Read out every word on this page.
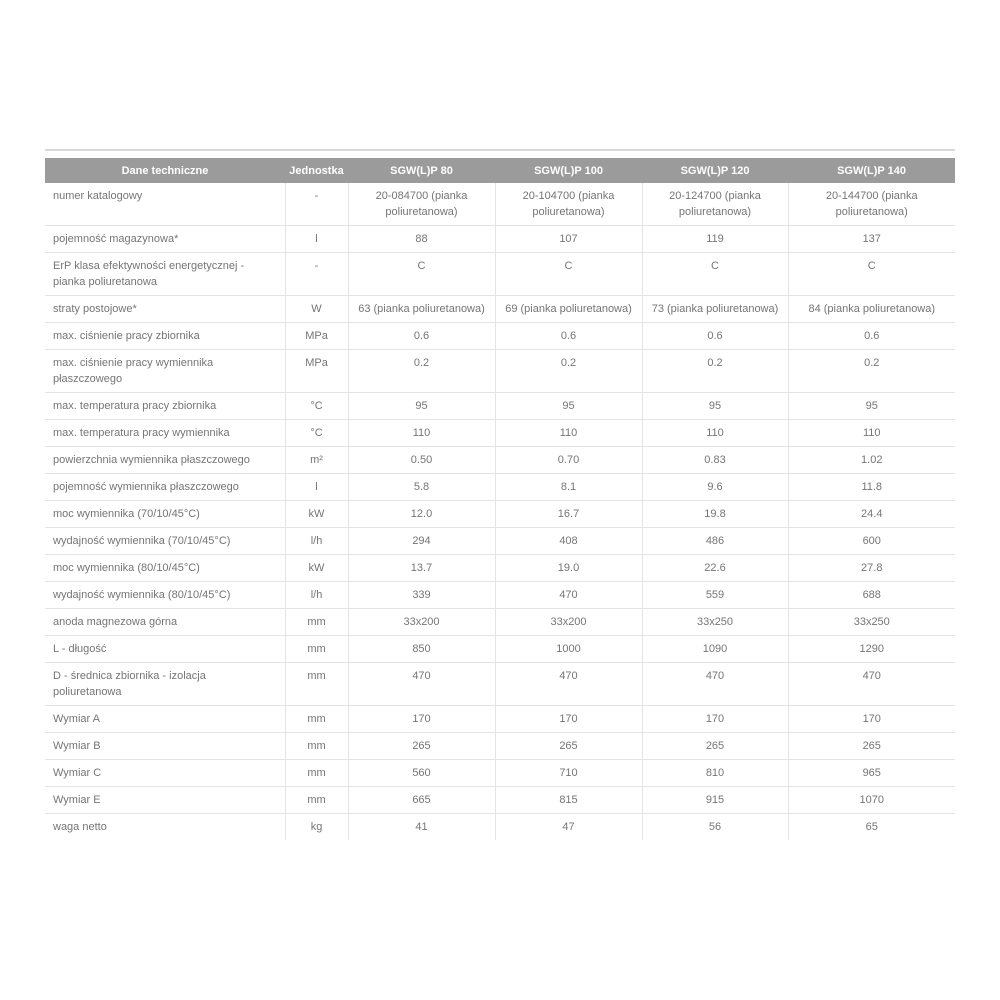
Dane techniczne	Jednostka	SGW(L)P 80	SGW(L)P 100	SGW(L)P 120	SGW(L)P 140
numer katalogowy	-	20-084700 (pianka poliuretanowa)	20-104700 (pianka poliuretanowa)	20-124700 (pianka poliuretanowa)	20-144700 (pianka poliuretanowa)
pojemność magazynowa*	l	88	107	119	137
ErP klasa efektywności energetycznej - pianka poliuretanowa	-	C	C	C	C
straty postojowe*	W	63 (pianka poliuretanowa)	69 (pianka poliuretanowa)	73 (pianka poliuretanowa)	84 (pianka poliuretanowa)
max. ciśnienie pracy zbiornika	MPa	0.6	0.6	0.6	0.6
max. ciśnienie pracy wymiennika płaszczowego	MPa	0.2	0.2	0.2	0.2
max. temperatura pracy zbiornika	°C	95	95	95	95
max. temperatura pracy wymiennika	°C	110	110	110	110
powierzchnia wymiennika płaszczowego	m²	0.50	0.70	0.83	1.02
pojemność wymiennika płaszczowego	l	5.8	8.1	9.6	11.8
moc wymiennika (70/10/45°C)	kW	12.0	16.7	19.8	24.4
wydajność wymiennika (70/10/45°C)	l/h	294	408	486	600
moc wymiennika (80/10/45°C)	kW	13.7	19.0	22.6	27.8
wydajność wymiennika (80/10/45°C)	l/h	339	470	559	688
anoda magnezowa górna	mm	33x200	33x200	33x250	33x250
L - długość	mm	850	1000	1090	1290
D - średnica zbiornika - izolacja poliuretanowa	mm	470	470	470	470
Wymiar A	mm	170	170	170	170
Wymiar B	mm	265	265	265	265
Wymiar C	mm	560	710	810	965
Wymiar E	mm	665	815	915	1070
waga netto	kg	41	47	56	65
